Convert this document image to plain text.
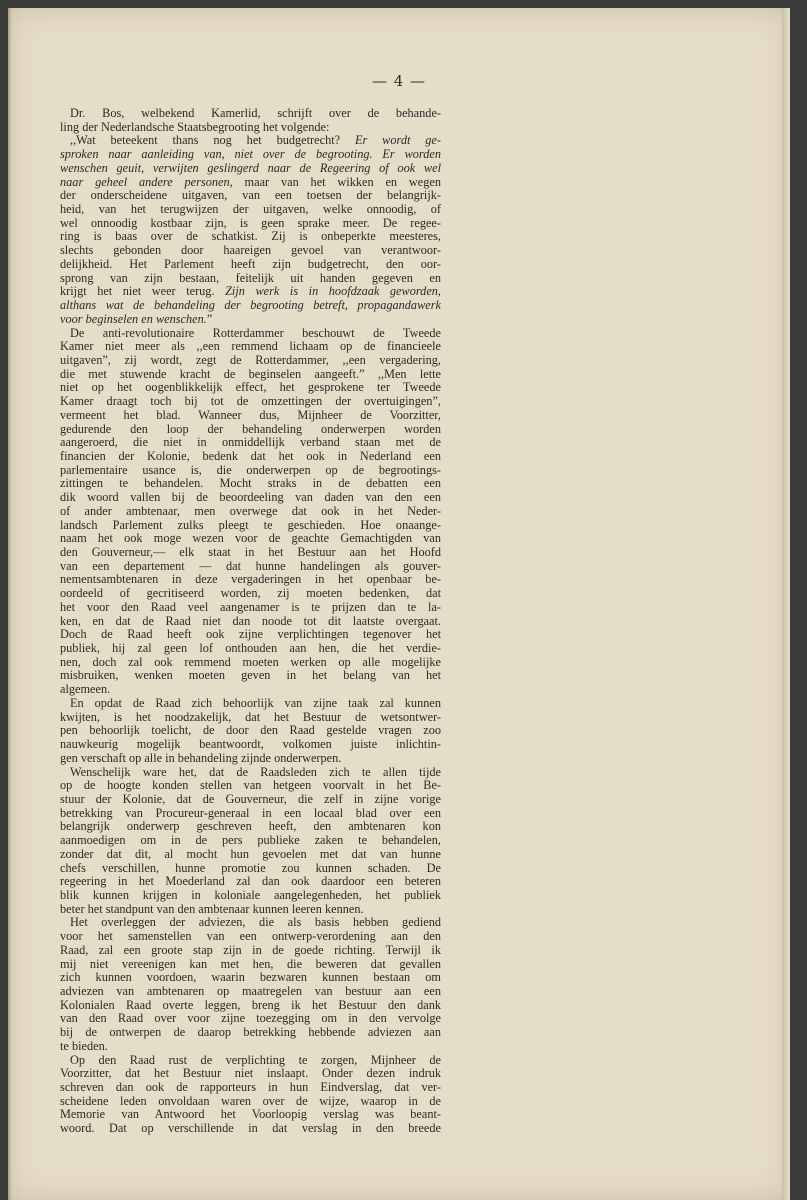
— 4 —
Dr. Bos, welbekend Kamerlid, schrijft over de behande-
ling der Nederlandsche Staatsbegrooting het volgende:
,,Wat beteekent thans nog het budgetrecht? Er wordt ge-
sproken naar aanleiding van, niet over de begrooting. Er worden
wenschen geuit, verwijten geslingerd naar de Regeering of ook wel
naar geheel andere personen, maar van het wikken en wegen
der onderscheidene uitgaven, van een toetsen der belangrijk-
heid, van het terugwijzen der uitgaven, welke onnoodig, of
wel onnoodig kostbaar zijn, is geen sprake meer. De regee-
ring is baas over de schatkist. Zij is onbeperkte meesteres,
slechts gebonden door haareigen gevoel van verantwoor-
delijkheid. Het Parlement heeft zijn budgetrecht, den oor-
sprong van zijn bestaan, feitelijk uit handen gegeven en
krijgt het niet weer terug. Zijn werk is in hoofdzaak geworden,
althans wat de behandeling der begrooting betreft, propagandawerk
voor beginselen en wenschen.”
De anti-revolutionaire Rotterdammer beschouwt de Tweede
Kamer niet meer als ,,een remmend lichaam op de financieele
uitgaven”, zij wordt, zegt de Rotterdammer, ,,een vergadering,
die met stuwende kracht de beginselen aangeeft.” ,,Men lette
niet op het oogenblikkelijk effect, het gesprokene ter Tweede
Kamer draagt toch bij tot de omzettingen der overtuigingen”,
vermeent het blad. Wanneer dus, Mijnheer de Voorzitter,
gedurende den loop der behandeling onderwerpen worden
aangeroerd, die niet in onmiddellijk verband staan met de
financien der Kolonie, bedenk dat het ook in Nederland een
parlementaire usance is, die onderwerpen op de begrootings-
zittingen te behandelen. Mocht straks in de debatten een
dik woord vallen bij de beoordeeling van daden van den een
of ander ambtenaar, men overwege dat ook in het Neder-
landsch Parlement zulks pleegt te geschieden. Hoe onaange-
naam het ook moge wezen voor de geachte Gemachtigden van
den Gouverneur,— elk staat in het Bestuur aan het Hoofd
van een departement — dat hunne handelingen als gouver-
nementsambtenaren in deze vergaderingen in het openbaar be-
oordeeld of gecritiseerd worden, zij moeten bedenken, dat
het voor den Raad veel aangenamer is te prijzen dan te la-
ken, en dat de Raad niet dan noode tot dit laatste overgaat.
Doch de Raad heeft ook zijne verplichtingen tegenover het
publiek, hij zal geen lof onthouden aan hen, die het verdie-
nen, doch zal ook remmend moeten werken op alle mogelijke
misbruiken, wenken moeten geven in het belang van het
algemeen.
En opdat de Raad zich behoorlijk van zijne taak zal kunnen
kwijten, is het noodzakelijk, dat het Bestuur de wetsontwer-
pen behoorlijk toelicht, de door den Raad gestelde vragen zoo
nauwkeurig mogelijk beantwoordt, volkomen juiste inlichtin-
gen verschaft op alle in behandeling zijnde onderwerpen.
Wenschelijk ware het, dat de Raadsleden zich te allen tijde
op de hoogte konden stellen van hetgeen voorvalt in het Be-
stuur der Kolonie, dat de Gouverneur, die zelf in zijne vorige
betrekking van Procureur-generaal in een locaal blad over een
belangrijk onderwerp geschreven heeft, den ambtenaren kon
aanmoedigen om in de pers publieke zaken te behandelen,
zonder dat dit, al mocht hun gevoelen met dat van hunne
chefs verschillen, hunne promotie zou kunnen schaden. De
regeering in het Moederland zal dan ook daardoor een beteren
blik kunnen krijgen in koloniale aangelegenheden, het publiek
beter het standpunt van den ambtenaar kunnen leeren kennen.
Het overleggen der adviezen, die als basis hebben gediend
voor het samenstellen van een ontwerp-verordening aan den
Raad, zal een groote stap zijn in de goede richting. Terwijl ik
mij niet vereenigen kan met hen, die beweren dat gevallen
zich kunnen voordoen, waarin bezwaren kunnen bestaan om
adviezen van ambtenaren op maatregelen van bestuur aan een
Kolonialen Raad overte leggen, breng ik het Bestuur den dank
van den Raad over voor zijne toezegging om in den vervolge
bij de ontwerpen de daarop betrekking hebbende adviezen aan
te bieden.
Op den Raad rust de verplichting te zorgen, Mijnheer de
Voorzitter, dat het Bestuur niet inslaapt. Onder dezen indruk
schreven dan ook de rapporteurs in hun Eindverslag, dat ver-
scheidene leden onvoldaan waren over de wijze, waarop in de
Memorie van Antwoord het Voorloopig verslag was beant-
woord. Dat op verschillende in dat verslag in den breede
